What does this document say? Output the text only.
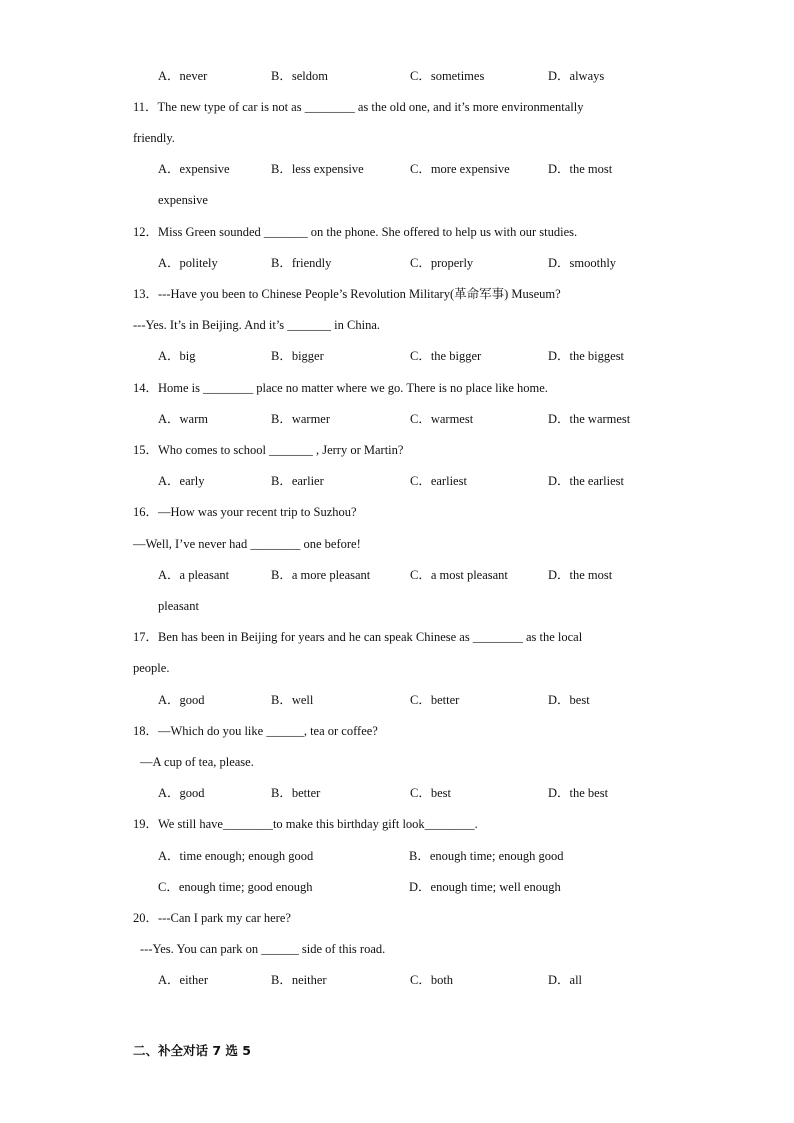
A．never	B．seldom	C．sometimes	D．always
11．The new type of car is not as ________ as the old one, and it’s more environmentally
friendly.
A．expensive	B．less expensive	C．more expensive	D．the most
expensive
12．Miss Green sounded _______ on the phone. She offered to help us with our studies.
A．politely	B．friendly	C．properly	D．smoothly
13．---Have you been to Chinese People’s Revolution Military(革命军事) Museum?
---Yes. It’s in Beijing. And it’s _______ in China.
A．big	B．bigger	C．the bigger	D．the biggest
14．Home is ________ place no matter where we go. There is no place like home.
A．warm	B．warmer	C．warmest	D．the warmest
15．Who comes to school _______ , Jerry or Martin?
A．early	B．earlier	C．earliest	D．the earliest
16．—How was your recent trip to Suzhou?
—Well, I’ve never had ________ one before!
A．a pleasant	B．a more pleasant	C．a most pleasant	D．the most
pleasant
17．Ben has been in Beijing for years and he can speak Chinese as ________ as the local
people.
A．good	B．well	C．better	D．best
18．—Which do you like ______, tea or coffee?
—A cup of tea, please.
A．good	B．better	C．best	D．the best
19．We still have________to make this birthday gift look________.
A．time enough; enough good	B．enough time; enough good
C．enough time; good enough	D．enough time; well enough
20．---Can I park my car here?
---Yes. You can park on ______ side of this road.
A．either	B．neither	C．both	D．all
二、补全对话 7 选 5
